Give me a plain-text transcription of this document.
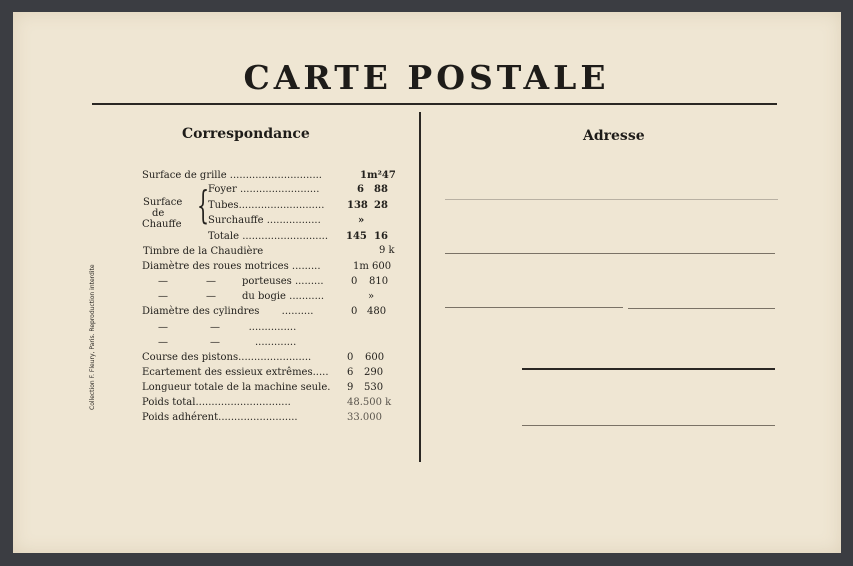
CARTE POSTALE
Correspondance	Adresse
Collection F. Fleury, Paris. Reproduction interdite
Surface de grille .............................	1m²47
Surface
de
Chauffe {
Foyer .........................	6 88
Tubes........................... 138 28
Surchauffe .................	»
Totale ........................... 145 16
Timbre de la Chaudière	9 k
Diamètre des roues motrices .........	1m 600
—	—	porteuses .........	0 810
—	—	du bogie ...........	»
Diamètre des cylindres       ..........	0 480
—	—         ...............
—	—           .............
Course des pistons.......................	0 600
Ecartement des essieux extrêmes..... 6 290
Longueur totale de la machine seule. 9 530
Poids total..............................	48.500 k
Poids adhérent.........................	33.000
